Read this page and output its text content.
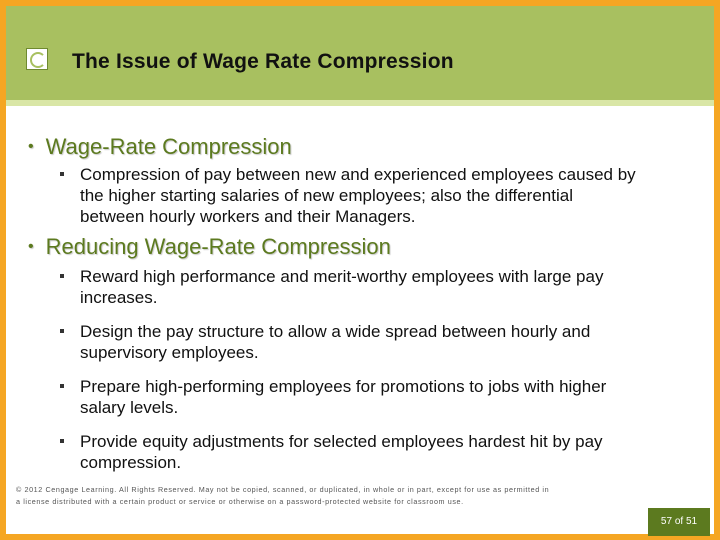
The Issue of Wage Rate Compression
• Wage-Rate Compression
Compression of pay between new and experienced employees caused by the higher starting salaries of new employees; also the differential between hourly workers and their Managers.
• Reducing Wage-Rate Compression
Reward high performance and merit-worthy employees with large pay increases.
Design the pay structure to allow a wide spread between hourly and supervisory employees.
Prepare high-performing employees for promotions to jobs with higher salary levels.
Provide equity adjustments for selected employees hardest hit by pay compression.
© 2012 Cengage Learning. All Rights Reserved. May not be copied, scanned, or duplicated, in whole or in part, except for use as permitted in a license distributed with a certain product or service or otherwise on a password-protected website for classroom use.
57 of 51
